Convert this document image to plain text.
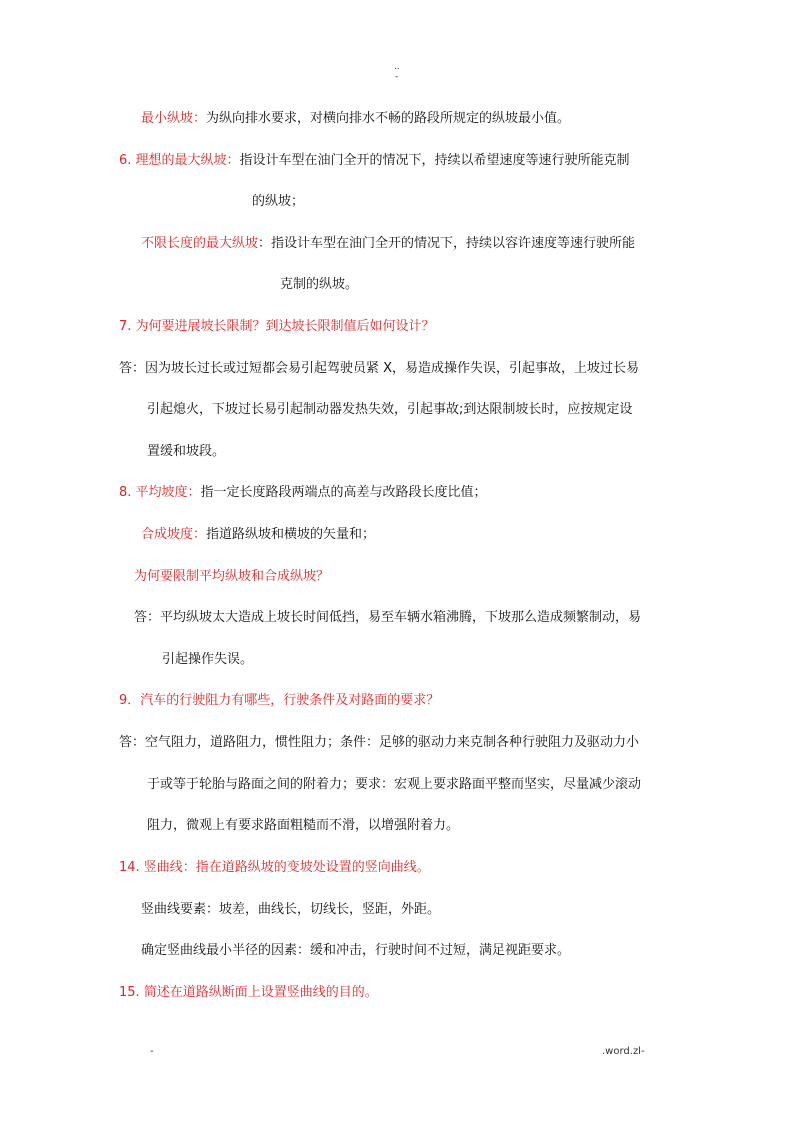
..
-
最小纵坡：为纵向排水要求，对横向排水不畅的路段所规定的纵坡最小值。
6. 理想的最大纵坡：指设计车型在油门全开的情况下，持续以希望速度等速行驶所能克制
的纵坡；
不限长度的最大纵坡：指设计车型在油门全开的情况下，持续以容许速度等速行驶所能
克制的纵坡。
7. 为何要进展坡长限制？到达坡长限制值后如何设计？
答：因为坡长过长或过短都会易引起驾驶员紧 X，易造成操作失误，引起事故，上坡过长易
引起熄火，下坡过长易引起制动器发热失效，引起事故;到达限制坡长时，应按规定设
置缓和坡段。
8. 平均坡度：指一定长度路段两端点的高差与改路段长度比值；
合成坡度：指道路纵坡和横坡的矢量和；
为何要限制平均纵坡和合成纵坡？
答：平均纵坡太大造成上坡长时间低挡，易至车辆水箱沸腾，下坡那么造成频繁制动，易
引起操作失误。
9．汽车的行驶阻力有哪些，行驶条件及对路面的要求？
答：空气阻力，道路阻力，惯性阻力；条件：足够的驱动力来克制各种行驶阻力及驱动力小
于或等于轮胎与路面之间的附着力；要求：宏观上要求路面平整而坚实，尽量减少滚动
阻力，微观上有要求路面粗糙而不滑，以增强附着力。
14. 竖曲线：指在道路纵坡的变坡处设置的竖向曲线。
竖曲线要素：坡差，曲线长，切线长，竖距，外距。
确定竖曲线最小半径的因素：缓和冲击，行驶时间不过短，满足视距要求。
15. 简述在道路纵断面上设置竖曲线的目的。
-	.word.zl-
